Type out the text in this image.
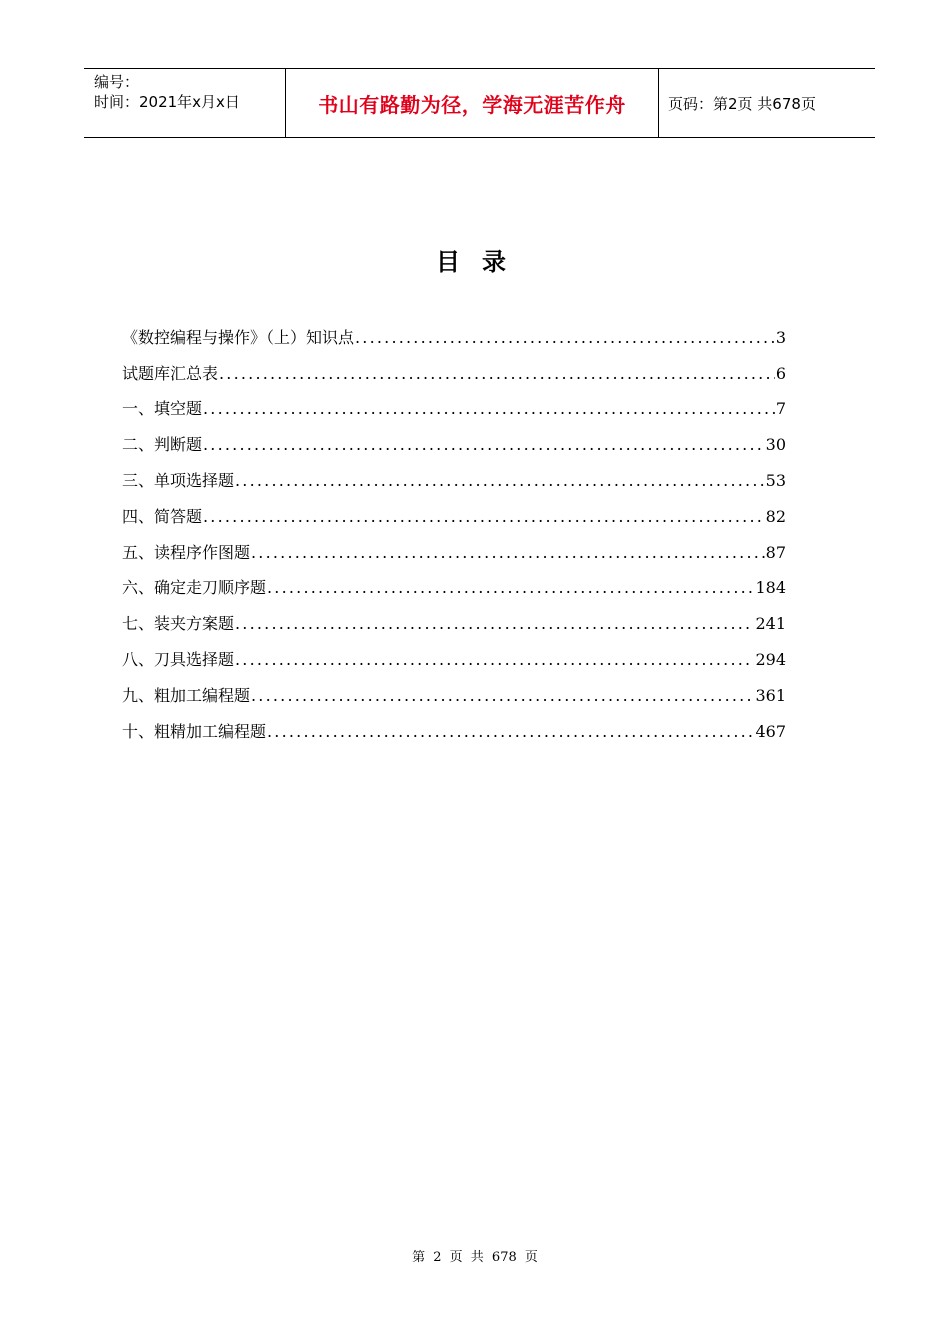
编号：
时间：2021年x月x日	书山有路勤为径，学海无涯苦作舟	页码：第2页 共678页
目录
《数控编程与操作》（上）知识点 .....	3
试题库汇总表 .....	6
一、填空题 .....	7
二、判断题 .....	30
三、单项选择题 .....	53
四、简答题 .....	82
五、读程序作图题 .....	87
六、确定走刀顺序题 .....	184
七、装夹方案题 .....	241
八、刀具选择题 .....	294
九、粗加工编程题 .....	361
十、粗精加工编程题 .....	467
第 2 页 共 678 页
